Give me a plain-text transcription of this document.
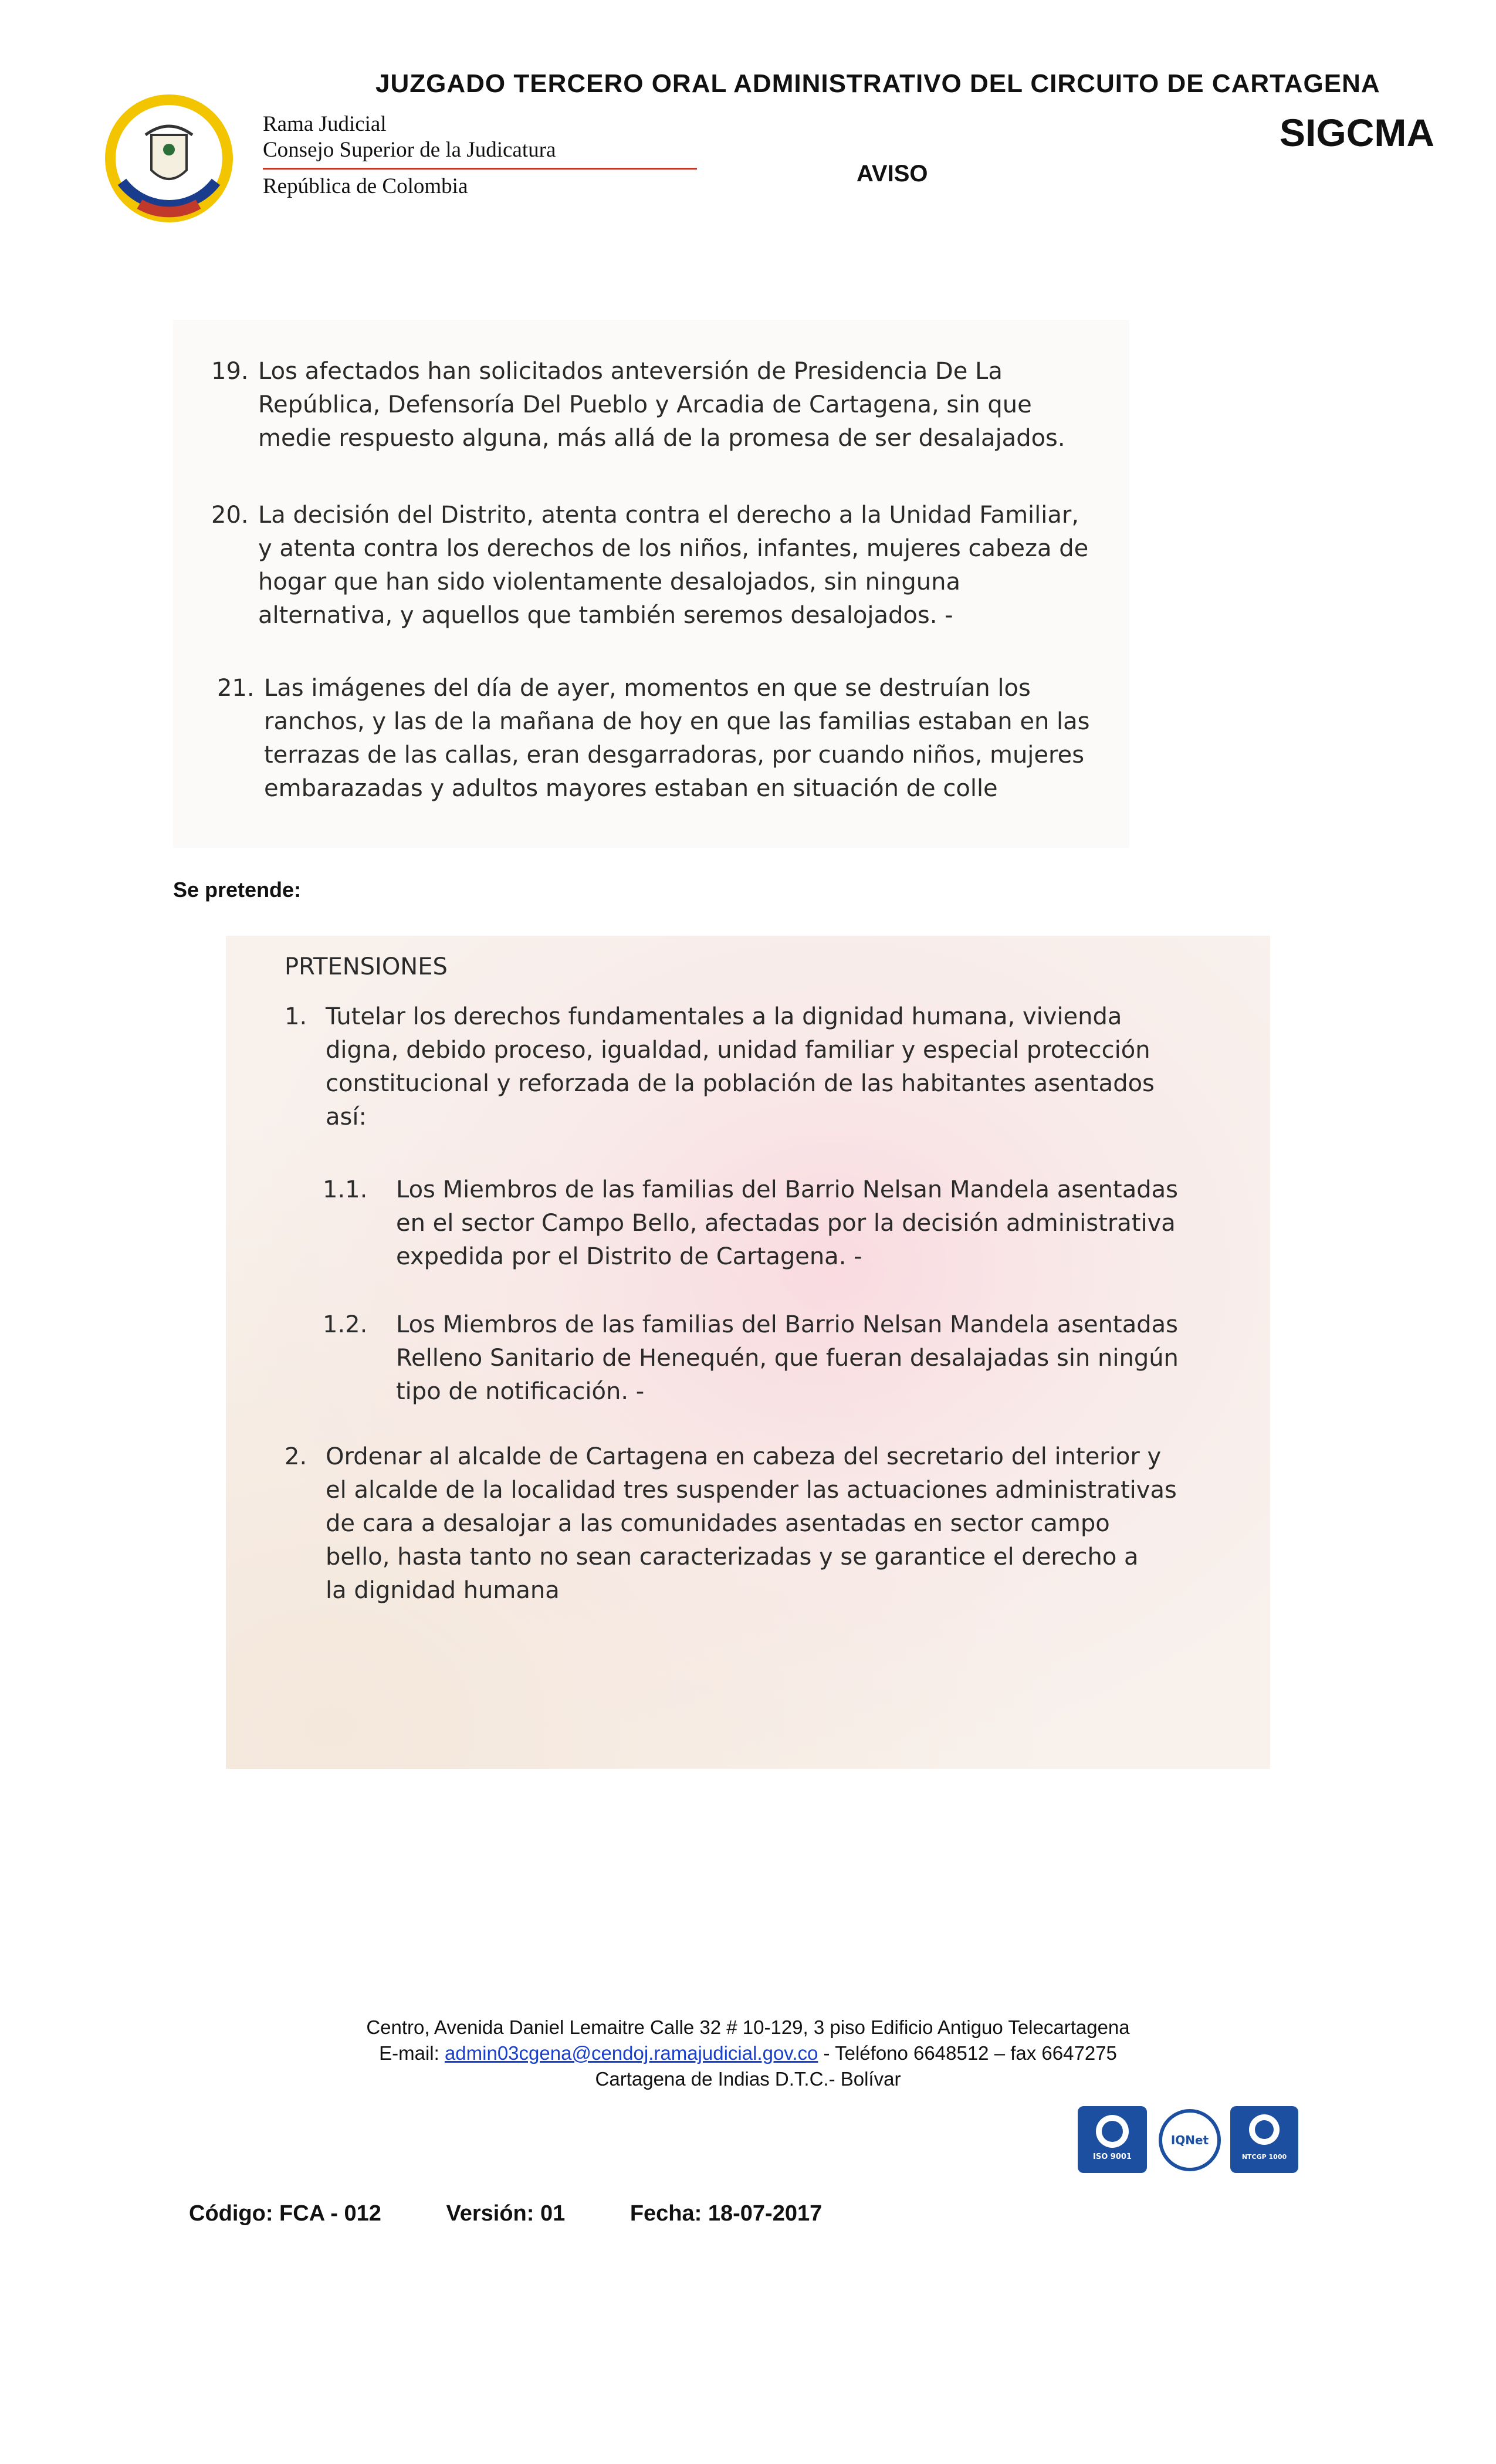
JUZGADO TERCERO ORAL ADMINISTRATIVO DEL CIRCUITO DE CARTAGENA
SIGCMA
AVISO
Rama Judicial
Consejo Superior de la Judicatura
República de Colombia
19. Los afectados han solicitados anteversión de Presidencia De La
República, Defensoría Del Pueblo y Arcadia de Cartagena, sin que
medie respuesto alguna, más allá de la promesa de ser desalajados.
20. La decisión del Distrito, atenta contra el derecho a la Unidad Familiar,
y atenta contra los derechos de los niños, infantes, mujeres cabeza de
hogar que han sido violentamente desalojados, sin ninguna
alternativa, y aquellos que también seremos desalojados. -
21. Las imágenes del día de ayer, momentos en que se destruían los
ranchos, y las de la mañana de hoy en que las familias estaban en las
terrazas de las callas, eran desgarradoras, por cuando niños, mujeres
embarazadas y adultos mayores estaban en situación de colle
Se pretende:
PRTENSIONES
1. Tutelar los derechos fundamentales a la dignidad humana, vivienda
digna, debido proceso, igualdad, unidad familiar y especial protección
constitucional y reforzada de la población de las habitantes asentados
así:
1.1. Los Miembros de las familias del Barrio Nelsan Mandela asentadas
en el sector Campo Bello, afectadas por la decisión administrativa
expedida por el Distrito de Cartagena. -
1.2. Los Miembros de las familias del Barrio Nelsan Mandela asentadas
Relleno Sanitario de Henequén, que fueran desalajadas sin ningún
tipo de notificación. -
2. Ordenar al alcalde de Cartagena en cabeza del secretario del interior y
el alcalde de la localidad tres suspender las actuaciones administrativas
de cara a desalojar a las comunidades asentadas en sector campo
bello, hasta tanto no sean caracterizadas y se garantice el derecho a
la dignidad humana
Centro, Avenida Daniel Lemaitre Calle 32 # 10-129, 3 piso Edificio Antiguo Telecartagena
E-mail: admin03cgena@cendoj.ramajudicial.gov.co - Teléfono 6648512 – fax 6647275
Cartagena de Indias D.T.C.- Bolívar
ISO 9001
IQNet
NTCGP 1000
Código: FCA - 012	Versión: 01	Fecha: 18-07-2017
